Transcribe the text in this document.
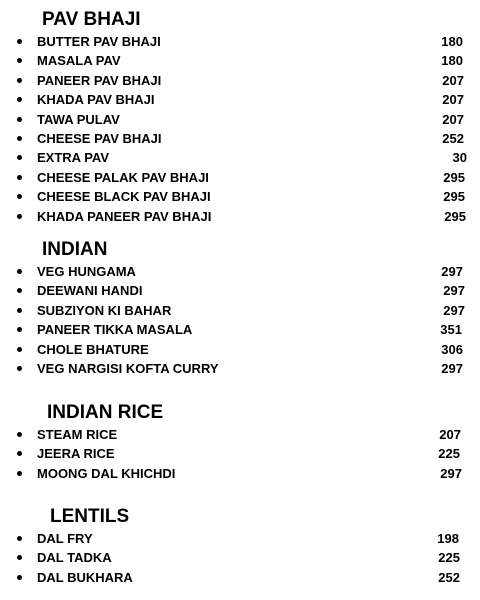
PAV BHAJI
BUTTER PAV BHAJI	180
MASALA PAV	180
PANEER PAV BHAJI	207
KHADA PAV BHAJI	207
TAWA PULAV	207
CHEESE PAV BHAJI	252
EXTRA PAV	30
CHEESE PALAK PAV BHAJI	295
CHEESE BLACK PAV BHAJI	295
KHADA PANEER PAV BHAJI	295
INDIAN
VEG HUNGAMA	297
DEEWANI HANDI	297
SUBZIYON KI BAHAR	297
PANEER TIKKA MASALA	351
CHOLE BHATURE	306
VEG NARGISI KOFTA CURRY	297
INDIAN RICE
STEAM RICE	207
JEERA RICE	225
MOONG DAL KHICHDI	297
LENTILS
DAL FRY	198
DAL TADKA	225
DAL BUKHARA	252
